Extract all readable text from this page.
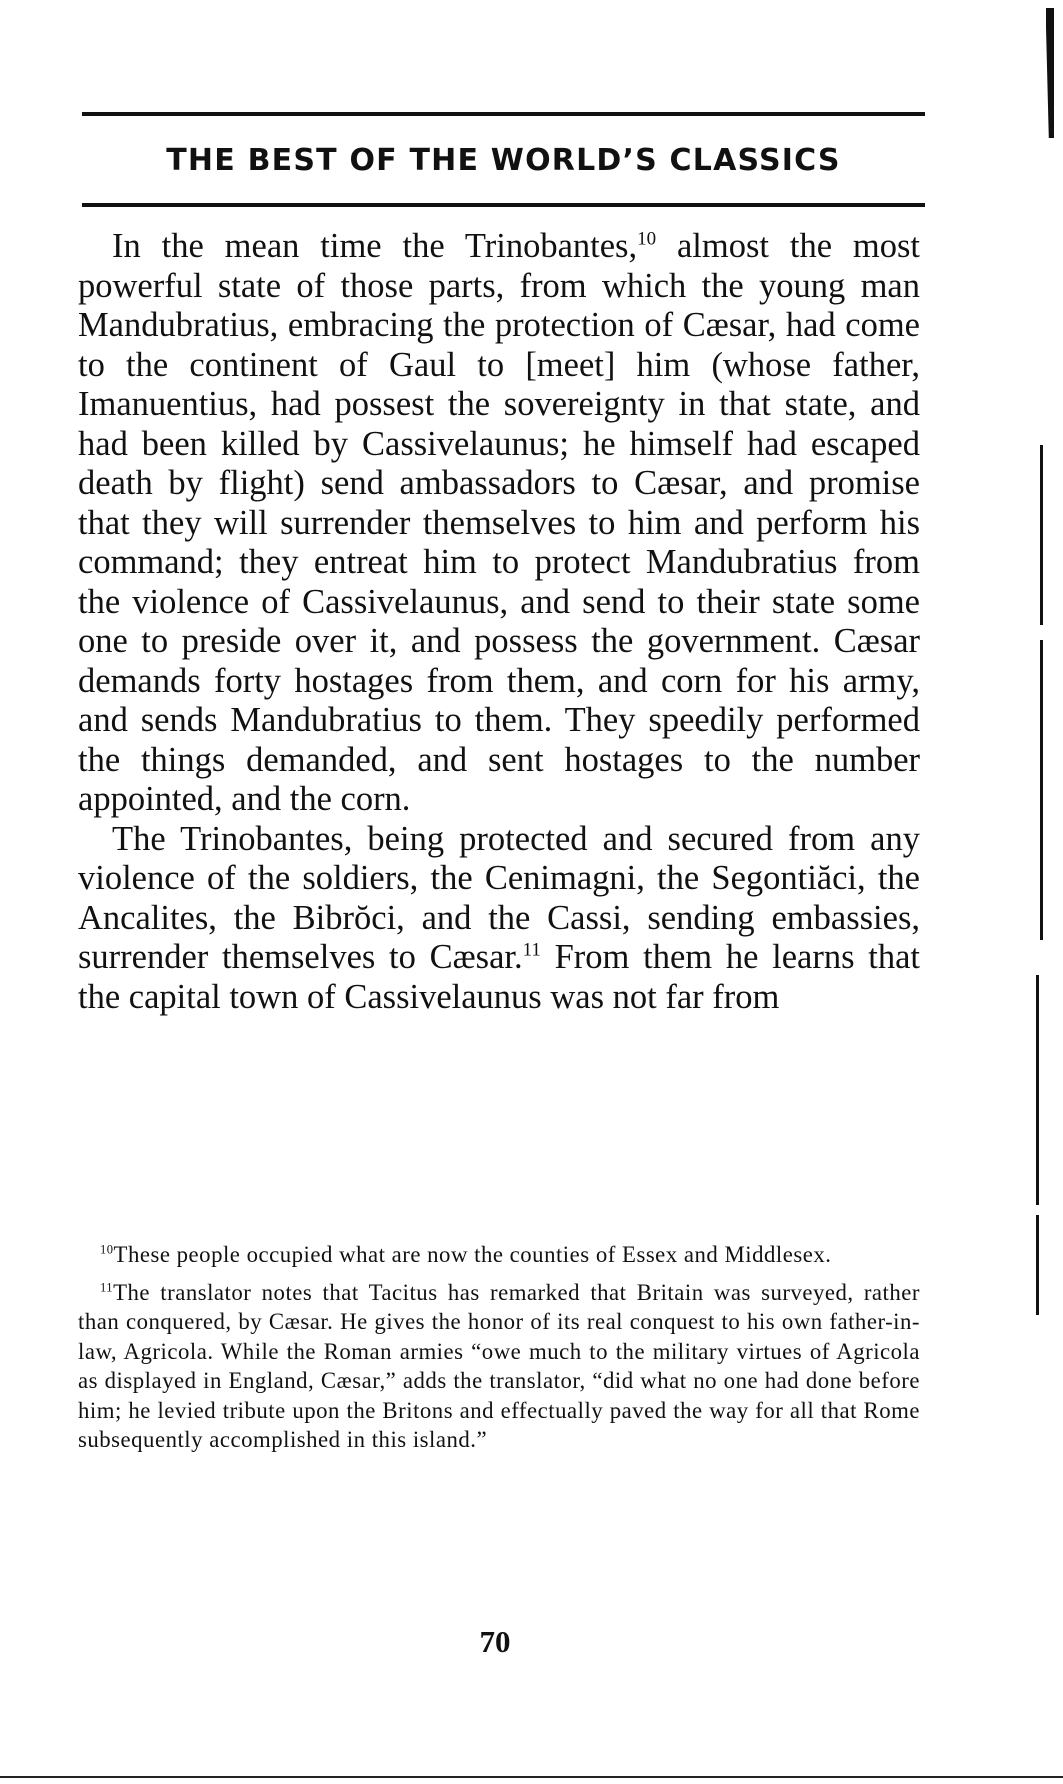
THE BEST OF THE WORLD’S CLASSICS

In the mean time the Trinobantes,$^{10}$ almost the most powerful state of those parts, from which the young man Mandubratius, embracing the protection of Cæsar, had come to the continent of Gaul to [meet] him (whose father, Imanuentius, had possest the sovereignty in that state, and had been killed by Cassivelaunus; he himself had escaped death by flight) send ambassadors to Cæsar, and promise that they will surrender themselves to him and perform his command; they entreat him to protect Mandubratius from the violence of Cassivelaunus, and send to their state some one to preside over it, and possess the government. Cæsar demands forty hostages from them, and corn for his army, and sends Mandubratius to them. They speedily performed the things demanded, and sent hostages to the number appointed, and the corn.

The Trinobantes, being protected and secured from any violence of the soldiers, the Cenimagni, the Segontiăci, the Ancalites, the Bibrŏci, and the Cassi, sending embassies, surrender themselves to Cæsar.$^{11}$ From them he learns that the capital town of Cassivelaunus was not far from

$^{10}$These people occupied what are now the counties of Essex and Middlesex.

$^{11}$The translator notes that Tacitus has remarked that Britain was surveyed, rather than conquered, by Cæsar. He gives the honor of its real conquest to his own father-in-law, Agricola. While the Roman armies “owe much to the military virtues of Agricola as displayed in England, Cæsar,” adds the translator, “did what no one had done before him; he levied tribute upon the Britons and effectually paved the way for all that Rome subsequently accomplished in this island.”

70
